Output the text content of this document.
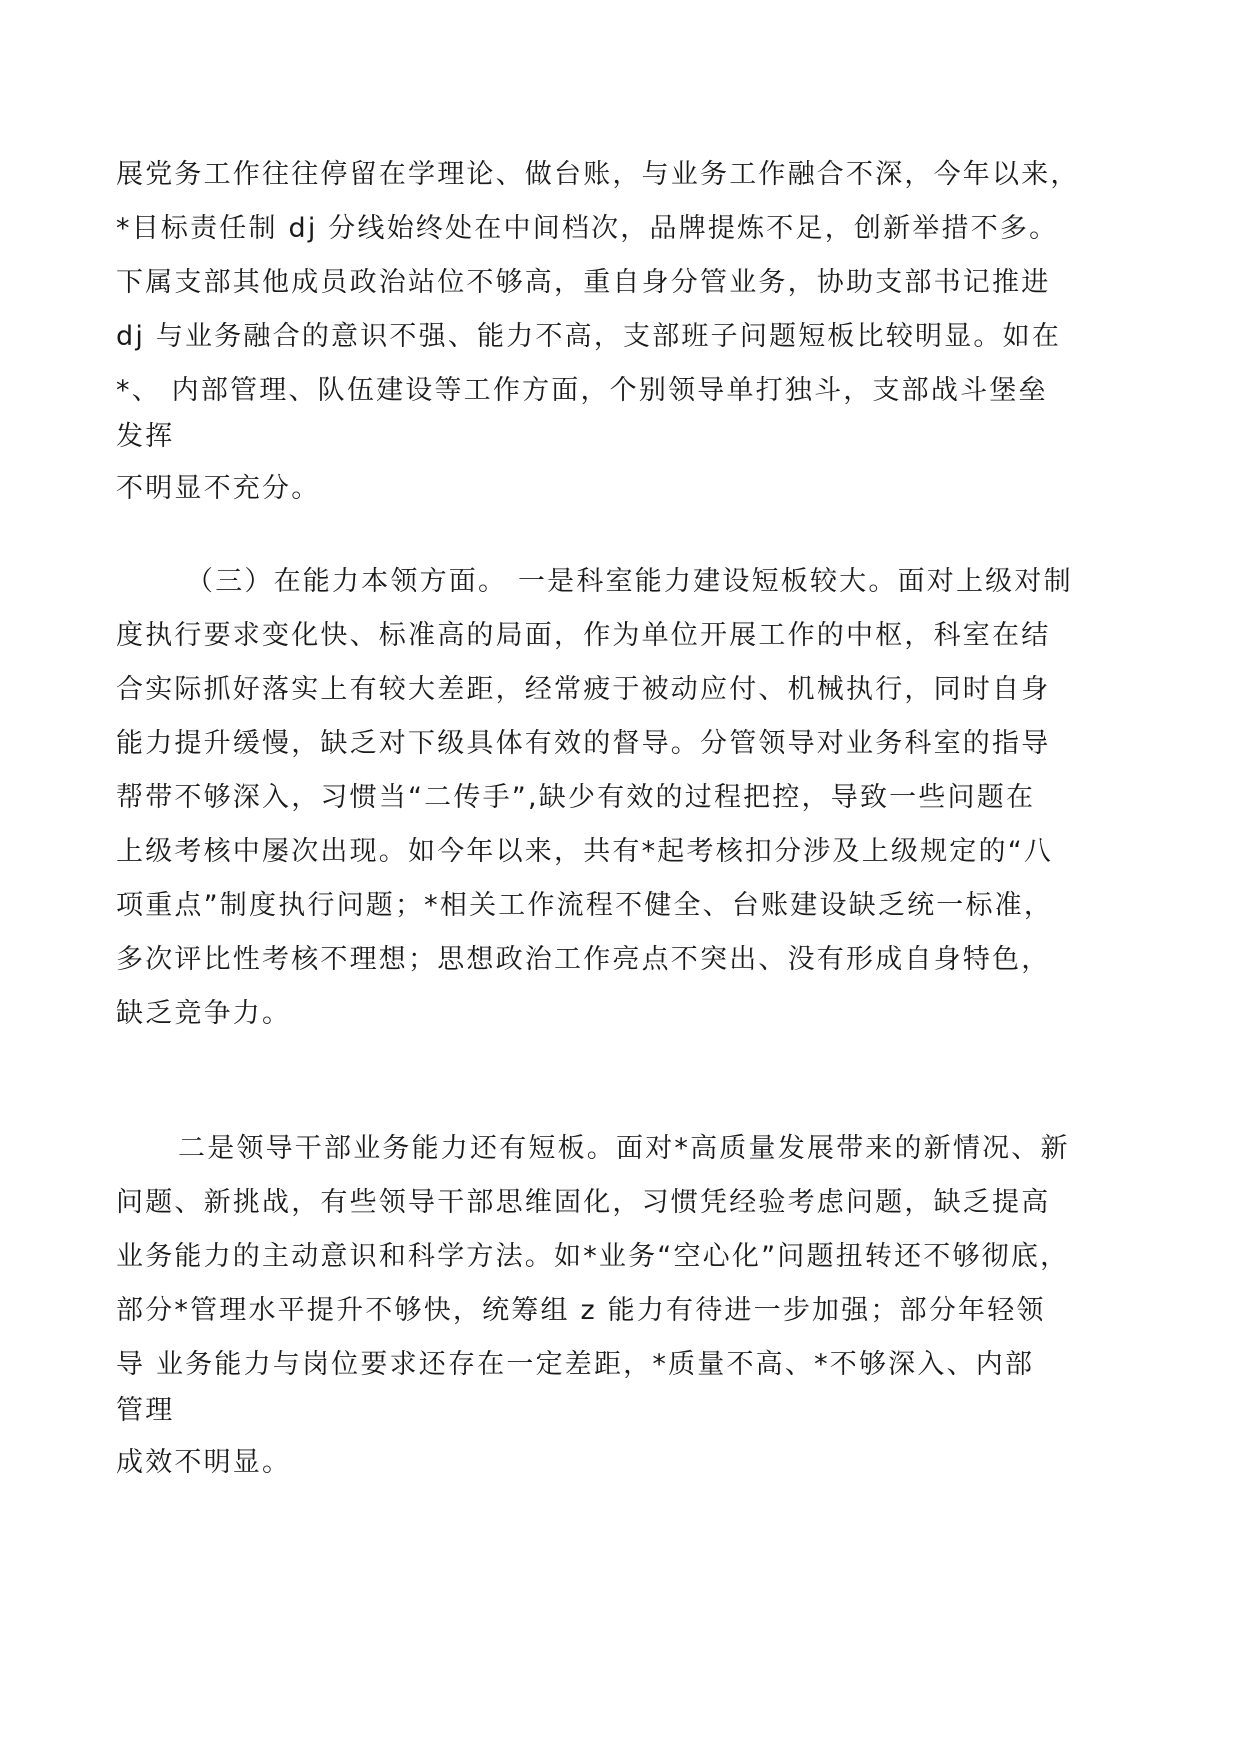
展党务工作往往停留在学理论、做台账，与业务工作融合不深，今年以来，
*目标责任制 dj 分线始终处在中间档次，品牌提炼不足，创新举措不多。
下属支部其他成员政治站位不够高，重自身分管业务，协助支部书记推进
dj 与业务融合的意识不强、能力不高，支部班子问题短板比较明显。如在
*、 内部管理、队伍建设等工作方面，个别领导单打独斗，支部战斗堡垒
发挥
不明显不充分。
（三）在能力本领方面。 一是科室能力建设短板较大。面对上级对制
度执行要求变化快、标准高的局面，作为单位开展工作的中枢，科室在结
合实际抓好落实上有较大差距，经常疲于被动应付、机械执行，同时自身
能力提升缓慢，缺乏对下级具体有效的督导。分管领导对业务科室的指导
帮带不够深入，习惯当“二传手”,缺少有效的过程把控，导致一些问题在
上级考核中屡次出现。如今年以来，共有*起考核扣分涉及上级规定的“八
项重点”制度执行问题；*相关工作流程不健全、台账建设缺乏统一标准，
多次评比性考核不理想；思想政治工作亮点不突出、没有形成自身特色，
缺乏竞争力。
二是领导干部业务能力还有短板。面对*高质量发展带来的新情况、新
问题、新挑战，有些领导干部思维固化，习惯凭经验考虑问题，缺乏提高
业务能力的主动意识和科学方法。如*业务“空心化”问题扭转还不够彻底，
部分*管理水平提升不够快，统筹组 z 能力有待进一步加强；部分年轻领
导 业务能力与岗位要求还存在一定差距，*质量不高、*不够深入、内部
管理
成效不明显。
